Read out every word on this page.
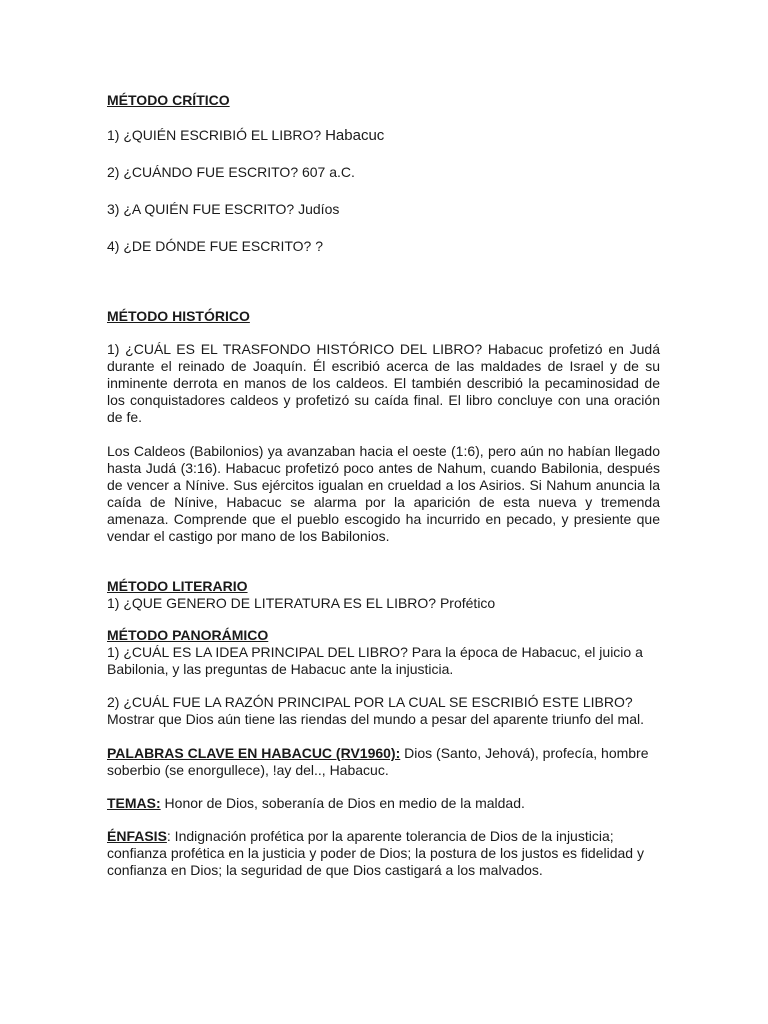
MÉTODO CRÍTICO

1) ¿QUIÉN ESCRIBIÓ EL LIBRO? Habacuc

2) ¿CUÁNDO FUE ESCRITO? 607 a.C.

3) ¿A QUIÉN FUE ESCRITO? Judíos

4) ¿DE DÓNDE FUE ESCRITO? ?

MÉTODO HISTÓRICO

1) ¿CUÁL ES EL TRASFONDO HISTÓRICO DEL LIBRO? Habacuc profetizó en Judá durante el reinado de Joaquín. Él escribió acerca de las maldades de Israel y de su inminente derrota en manos de los caldeos. El también describió la pecaminosidad de los conquistadores caldeos y profetizó su caída final. El libro concluye con una oración de fe.

Los Caldeos (Babilonios) ya avanzaban hacia el oeste (1:6), pero aún no habían llegado hasta Judá (3:16). Habacuc profetizó poco antes de Nahum, cuando Babilonia, después de vencer a Nínive. Sus ejércitos igualan en crueldad a los Asirios. Si Nahum anuncia la caída de Nínive, Habacuc se alarma por la aparición de esta nueva y tremenda amenaza. Comprende que el pueblo escogido ha incurrido en pecado, y presiente que vendar el castigo por mano de los Babilonios.

MÉTODO LITERARIO

1) ¿QUE GENERO DE LITERATURA ES EL LIBRO? Profético

MÉTODO PANORÁMICO

1) ¿CUÁL ES LA IDEA PRINCIPAL DEL LIBRO? Para la época de Habacuc, el juicio a Babilonia, y las preguntas de Habacuc ante la injusticia.

2) ¿CUÁL FUE LA RAZÓN PRINCIPAL POR LA CUAL SE ESCRIBIÓ ESTE LIBRO? Mostrar que Dios aún tiene las riendas del mundo a pesar del aparente triunfo del mal.

PALABRAS CLAVE EN HABACUC (RV1960): Dios (Santo, Jehová), profecía, hombre soberbio (se enorgullece), !ay del.., Habacuc.

TEMAS: Honor de Dios, soberanía de Dios en medio de la maldad.

ÉNFASIS: Indignación profética por la aparente tolerancia de Dios de la injusticia; confianza profética en la justicia y poder de Dios; la postura de los justos es fidelidad y confianza en Dios; la seguridad de que Dios castigará a los malvados.
